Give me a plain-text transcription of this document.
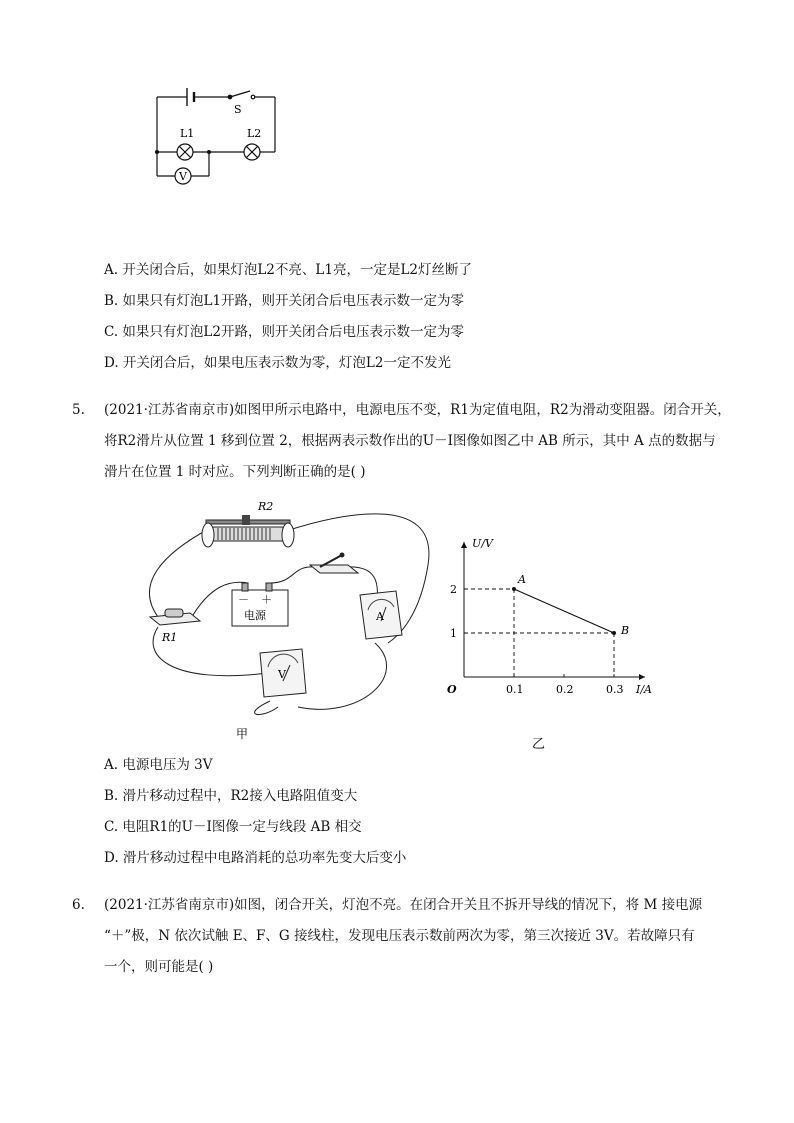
S
L1	L2
V
A. 开关闭合后，如果灯泡L2不亮、L1亮，一定是L2灯丝断了
B. 如果只有灯泡L1开路，则开关闭合后电压表示数一定为零
C. 如果只有灯泡L2开路，则开关闭合后电压表示数一定为零
D. 开关闭合后，如果电压表示数为零，灯泡L2一定不发光
5. (2021·江苏省南京市)如图甲所示电路中，电源电压不变，R1为定值电阻，R2为滑动变阻器。闭合开关，
将R2滑片从位置 1 移到位置 2，根据两表示数作出的U－I图像如图乙中 AB 所示，其中 A 点的数据与
滑片在位置 1 时对应。下列判断正确的是( )
R2
－ ＋
电源
R1
A
V
甲
U/V
I/A
O
乙
A
B
0.1	0.2	0.3
1
2
A. 电源电压为 3V
B. 滑片移动过程中，R2接入电路阻值变大
C. 电阻R1的U－I图像一定与线段 AB 相交
D. 滑片移动过程中电路消耗的总功率先变大后变小
6. (2021·江苏省南京市)如图，闭合开关，灯泡不亮。在闭合开关且不拆开导线的情况下，将 M 接电源
“＋”极，N 依次试触 E、F、G 接线柱，发现电压表示数前两次为零，第三次接近 3V。若故障只有
一个，则可能是( )
